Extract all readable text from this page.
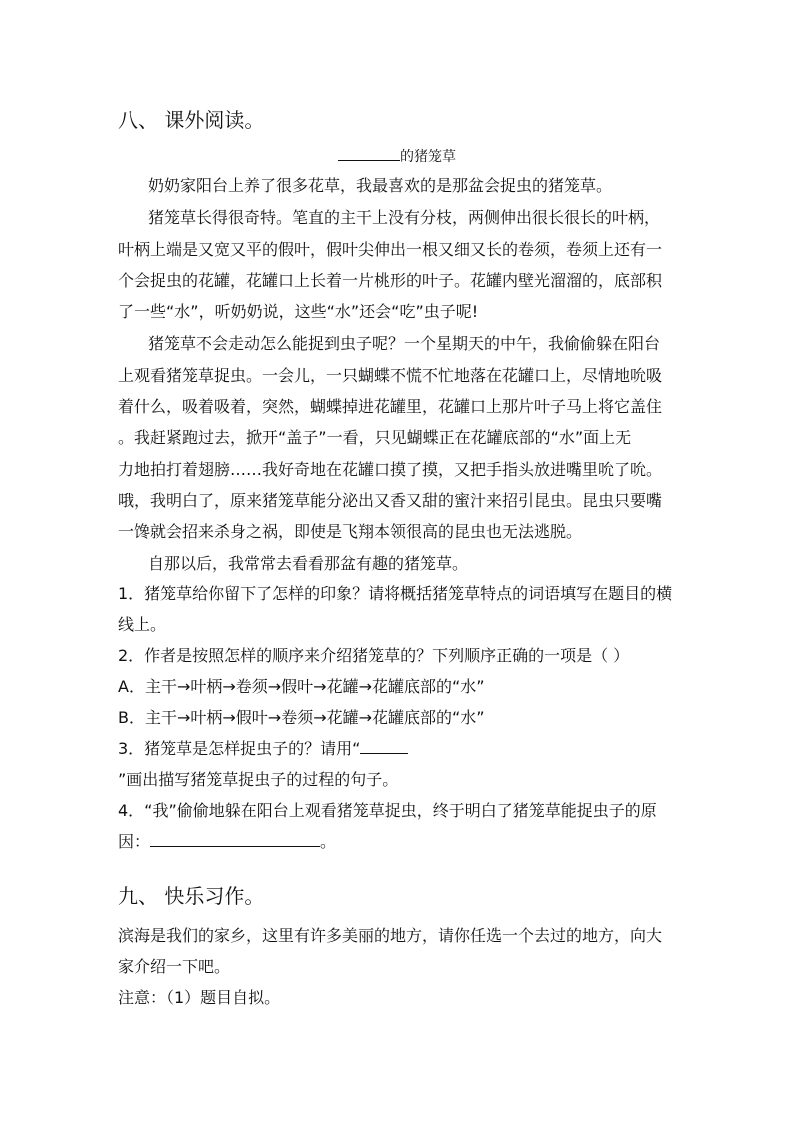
八、 课外阅读。
的猪笼草
奶奶家阳台上养了很多花草，我最喜欢的是那盆会捉虫的猪笼草。
猪笼草长得很奇特。笔直的主干上没有分枝，两侧伸出很长很长的叶柄，
叶柄上端是又宽又平的假叶，假叶尖伸出一根又细又长的卷须，卷须上还有一
个会捉虫的花罐，花罐口上长着一片桃形的叶子。花罐内壁光溜溜的，底部积
了一些“水”，听奶奶说，这些“水”还会“吃”虫子呢!
猪笼草不会走动怎么能捉到虫子呢？一个星期天的中午，我偷偷躲在阳台
上观看猪笼草捉虫。一会儿，一只蝴蝶不慌不忙地落在花罐口上，尽情地吮吸
着什么，吸着吸着，突然，蝴蝶掉进花罐里，花罐口上那片叶子马上将它盖住
。我赶紧跑过去，掀开“盖子”一看，只见蝴蝶正在花罐底部的“水”面上无
力地拍打着翅膀……我好奇地在花罐口摸了摸，又把手指头放进嘴里吮了吮。
哦，我明白了，原来猪笼草能分泌出又香又甜的蜜汁来招引昆虫。昆虫只要嘴
一馋就会招来杀身之祸，即使是飞翔本领很高的昆虫也无法逃脱。
自那以后，我常常去看看那盆有趣的猪笼草。
1．猪笼草给你留下了怎样的印象？请将概括猪笼草特点的词语填写在题目的横
线上。
2．作者是按照怎样的顺序来介绍猪笼草的？下列顺序正确的一项是（ ）
A．主干→叶柄→卷须→假叶→花罐→花罐底部的“水”
B．主干→叶柄→假叶→卷须→花罐→花罐底部的“水”
3．猪笼草是怎样捉虫子的？请用“
”画出描写猪笼草捉虫子的过程的句子。
4．“我”偷偷地躲在阳台上观看猪笼草捉虫，终于明白了猪笼草能捉虫子的原
因：	。
九、 快乐习作。
滨海是我们的家乡，这里有许多美丽的地方，请你任选一个去过的地方，向大
家介绍一下吧。
注意：（1）题目自拟。
